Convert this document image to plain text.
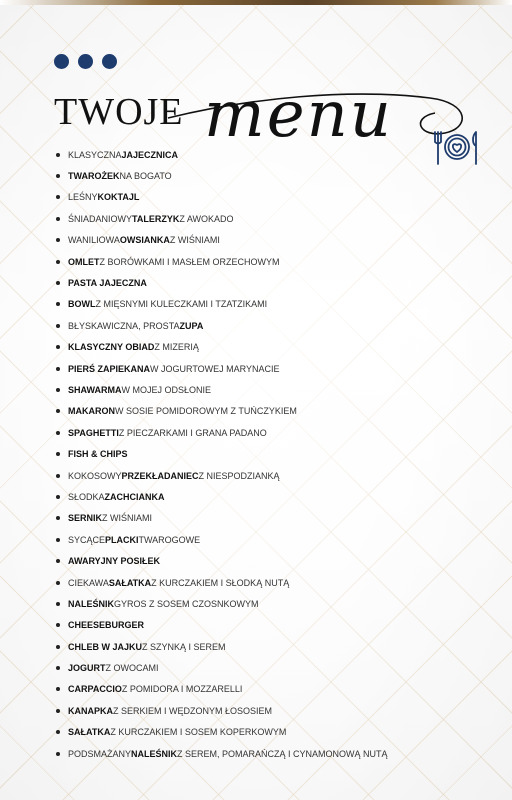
TWOJE menu
KLASYCZNA JAJECZNICA
TWAROŻEK NA BOGATO
LEŚNY KOKTAJL
ŚNIADANIOWY TALERZYK Z AWOKADO
WANILIOWA OWSIANKA Z WIŚNIAMI
OMLET Z BORÓWKAMI I MASŁEM ORZECHOWYM
PASTA JAJECZNA
BOWL Z MIĘSNYMI KULECZKAMI I TZATZIKAMI
BŁYSKAWICZNA, PROSTA ZUPA
KLASYCZNY OBIAD Z MIZERIĄ
PIERŚ ZAPIEKANA W JOGURTOWEJ MARYNACIE
SHAWARMA W MOJEJ ODSŁONIE
MAKARON W SOSIE POMIDOROWYM Z TUŃCZYKIEM
SPAGHETTI Z PIECZARKAMI I GRANA PADANO
FISH & CHIPS
KOKOSOWY PRZEKŁADANIEC Z NIESPODZIANKĄ
SŁODKA ZACHCIANKA
SERNIK Z WIŚNIAMI
SYCĄCE PLACKI TWAROGOWE
AWARYJNY POSIŁEK
CIEKAWA SAŁATKA Z KURCZAKIEM I SŁODKĄ NUTĄ
NALEŚNIK GYROS Z SOSEM CZOSNKOWYM
CHEESEBURGER
CHLEB W JAJKU Z SZYNKĄ I SEREM
JOGURT Z OWOCAMI
CARPACCIO Z POMIDORA I MOZZARELLI
KANAPKA Z SERKIEM I WĘDZONYM ŁOSOSIEM
SAŁATKA Z KURCZAKIEM I SOSEM KOPERKOWYM
PODSMAŻANY NALEŚNIK Z SEREM, POMARAŃCZĄ I CYNAMONOWĄ NUTĄ
